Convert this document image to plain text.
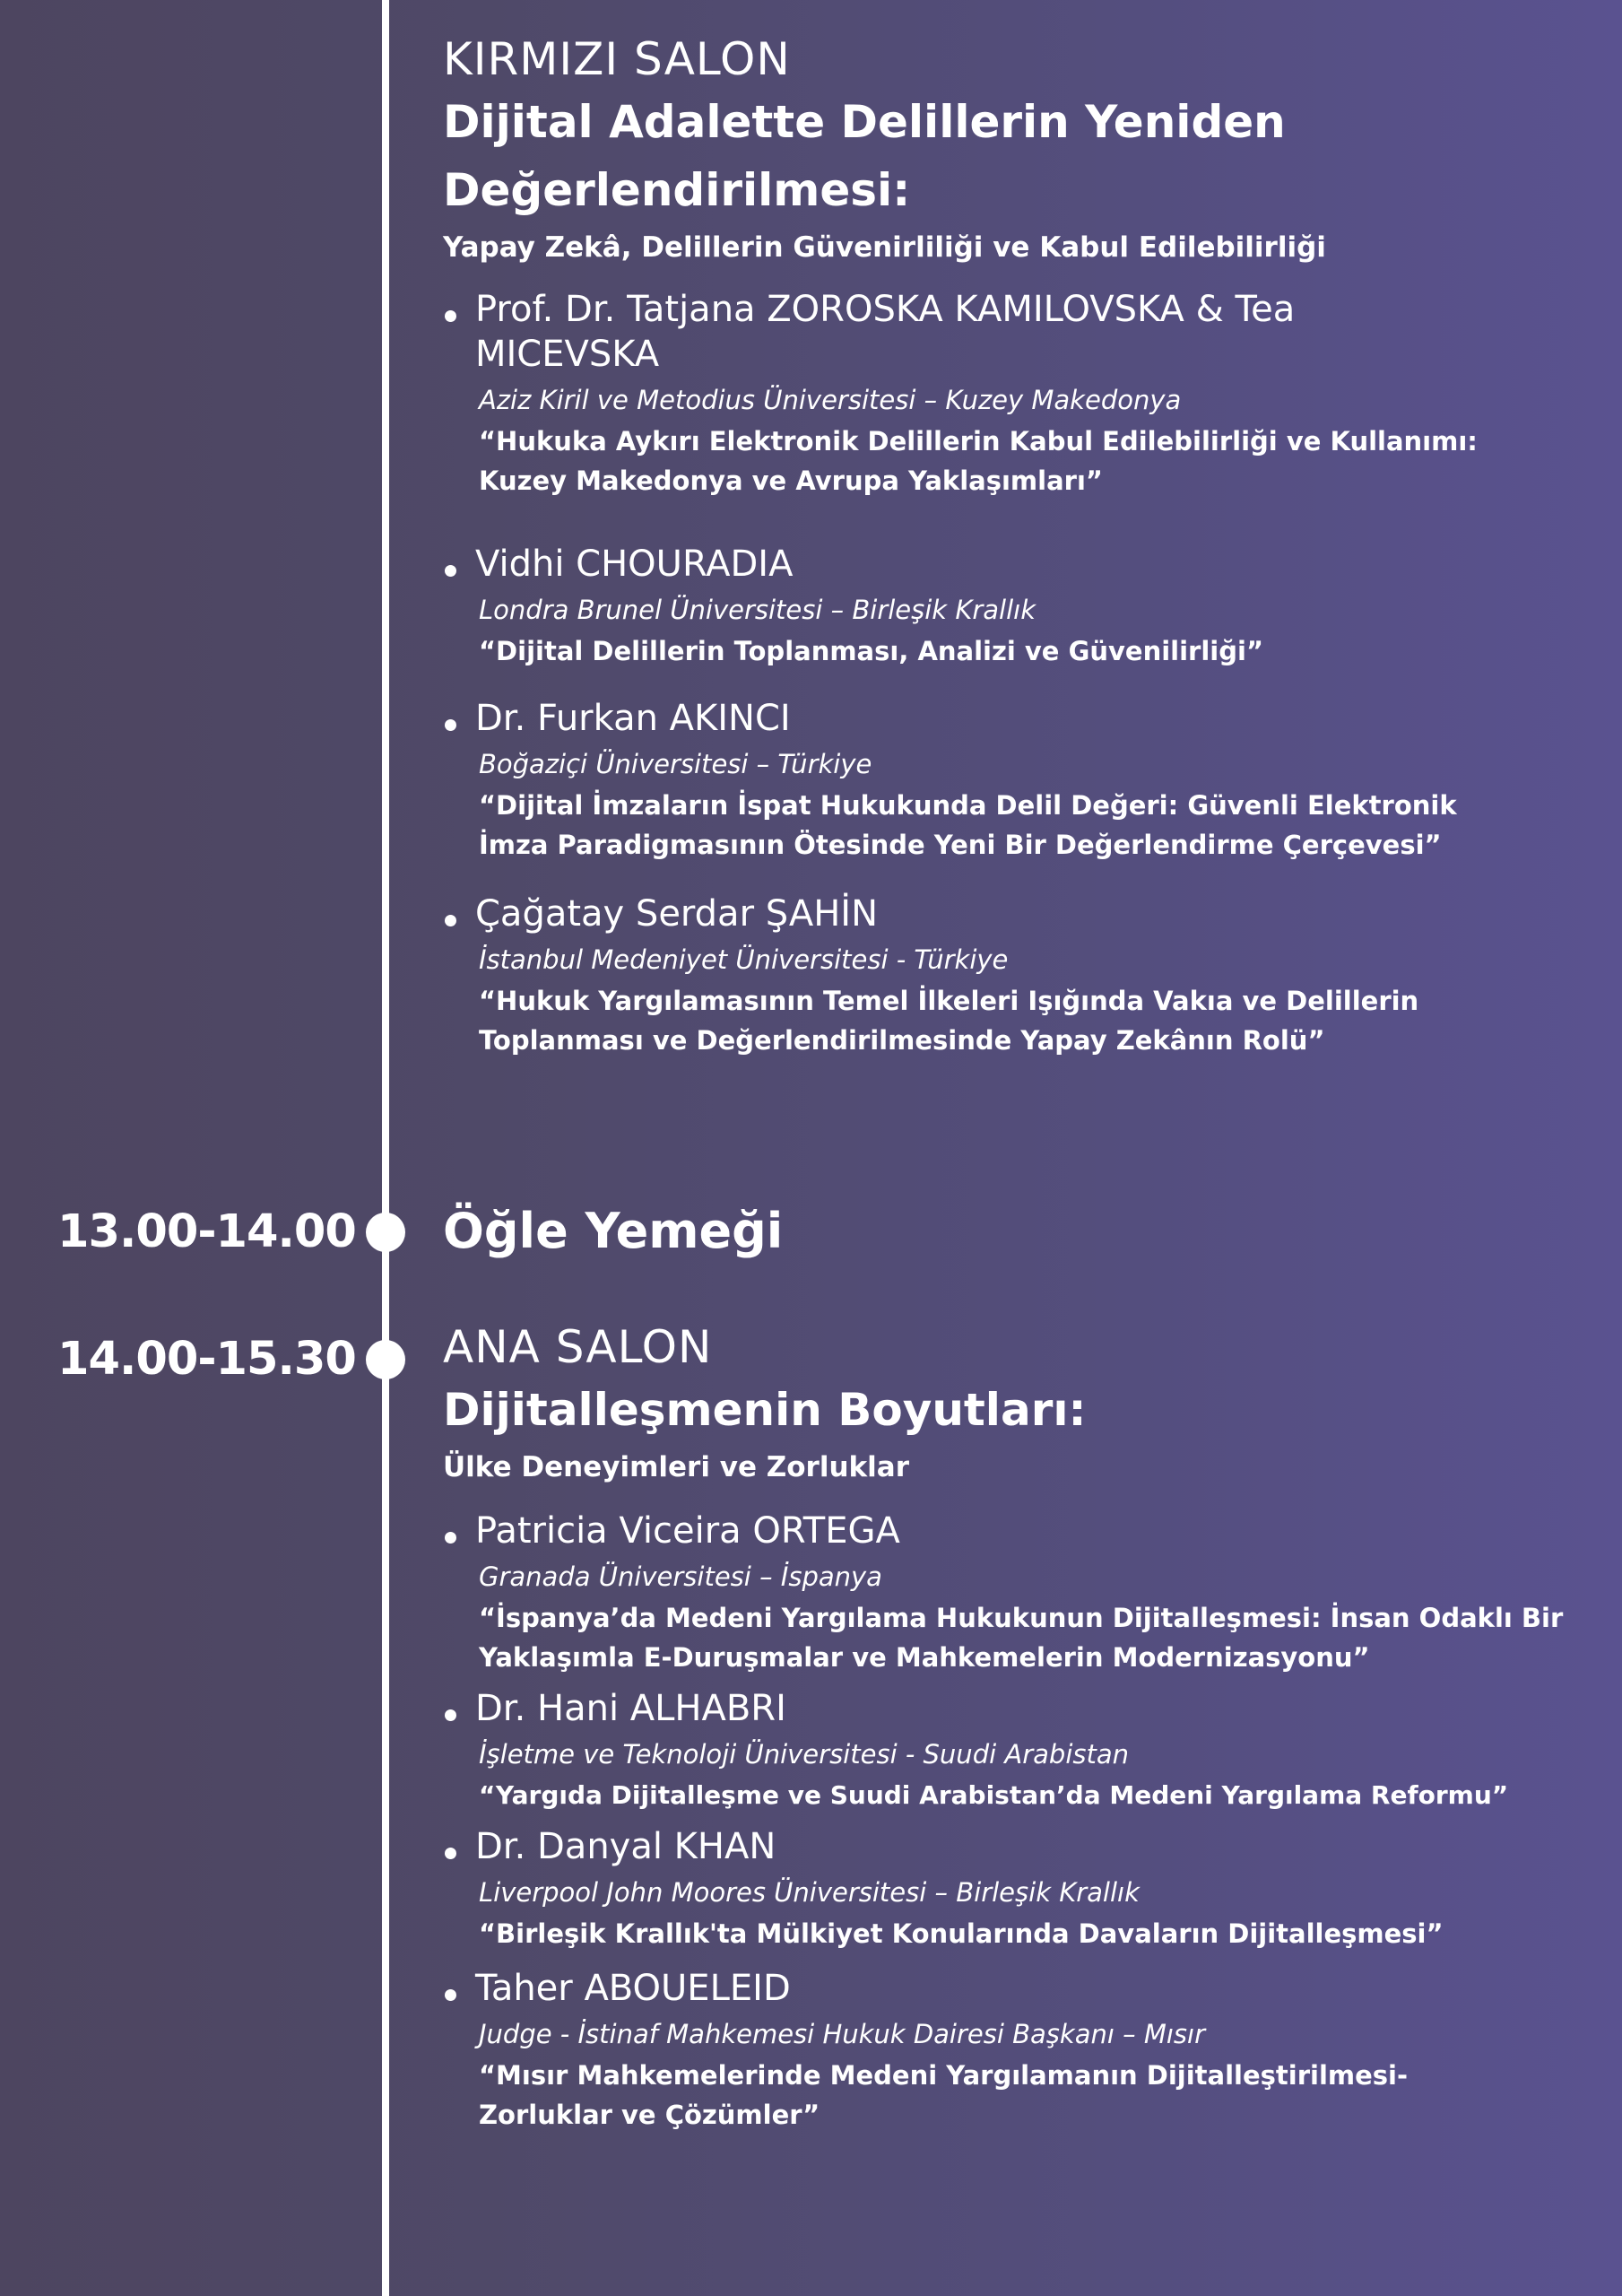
KIRMIZI SALON
Dijital Adalette Delillerin Yeniden Değerlendirilmesi:
Yapay Zekâ, Delillerin Güvenirliliği ve Kabul Edilebilirliği
Prof. Dr. Tatjana ZOROSKA KAMILOVSKA & Tea MICEVSKA
Aziz Kiril ve Metodius Üniversitesi – Kuzey Makedonya
“Hukuka Aykırı Elektronik Delillerin Kabul Edilebilirliği ve Kullanımı: Kuzey Makedonya ve Avrupa Yaklaşımları”
Vidhi CHOURADIA
Londra Brunel Üniversitesi – Birleşik Krallık
“Dijital Delillerin Toplanması, Analizi ve Güvenilirliği”
Dr. Furkan AKINCI
Boğaziçi Üniversitesi – Türkiye
“Dijital İmzaların İspat Hukukunda Delil Değeri: Güvenli Elektronik İmza Paradigmasının Ötesinde Yeni Bir Değerlendirme Çerçevesi”
Çağatay Serdar ŞAHİN
İstanbul Medeniyet Üniversitesi - Türkiye
“Hukuk Yargılamasının Temel İlkeleri Işığında Vakıa ve Delillerin Toplanması ve Değerlendirilmesinde Yapay Zekânın Rolü”
13.00-14.00 Öğle Yemeği
14.00-15.30 ANA SALON
Dijitalleşmenin Boyutları:
Ülke Deneyimleri ve Zorluklar
Patricia Viceira ORTEGA
Granada Üniversitesi – İspanya
“İspanya’da Medeni Yargılama Hukukunun Dijitalleşmesi: İnsan Odaklı Bir Yaklaşımla E-Duruşmalar ve Mahkemelerin Modernizasyonu”
Dr. Hani ALHABRI
İşletme ve Teknoloji Üniversitesi - Suudi Arabistan
“Yargıda Dijitalleşme ve Suudi Arabistan’da Medeni Yargılama Reformu”
Dr. Danyal KHAN
Liverpool John Moores Üniversitesi – Birleşik Krallık
“Birleşik Krallık'ta Mülkiyet Konularında Davaların Dijitalleşmesi”
Taher ABOUELEID
Judge - İstinaf Mahkemesi Hukuk Dairesi Başkanı – Mısır
“Mısır Mahkemelerinde Medeni Yargılamanın Dijitalleştirilmesi- Zorluklar ve Çözümler”
